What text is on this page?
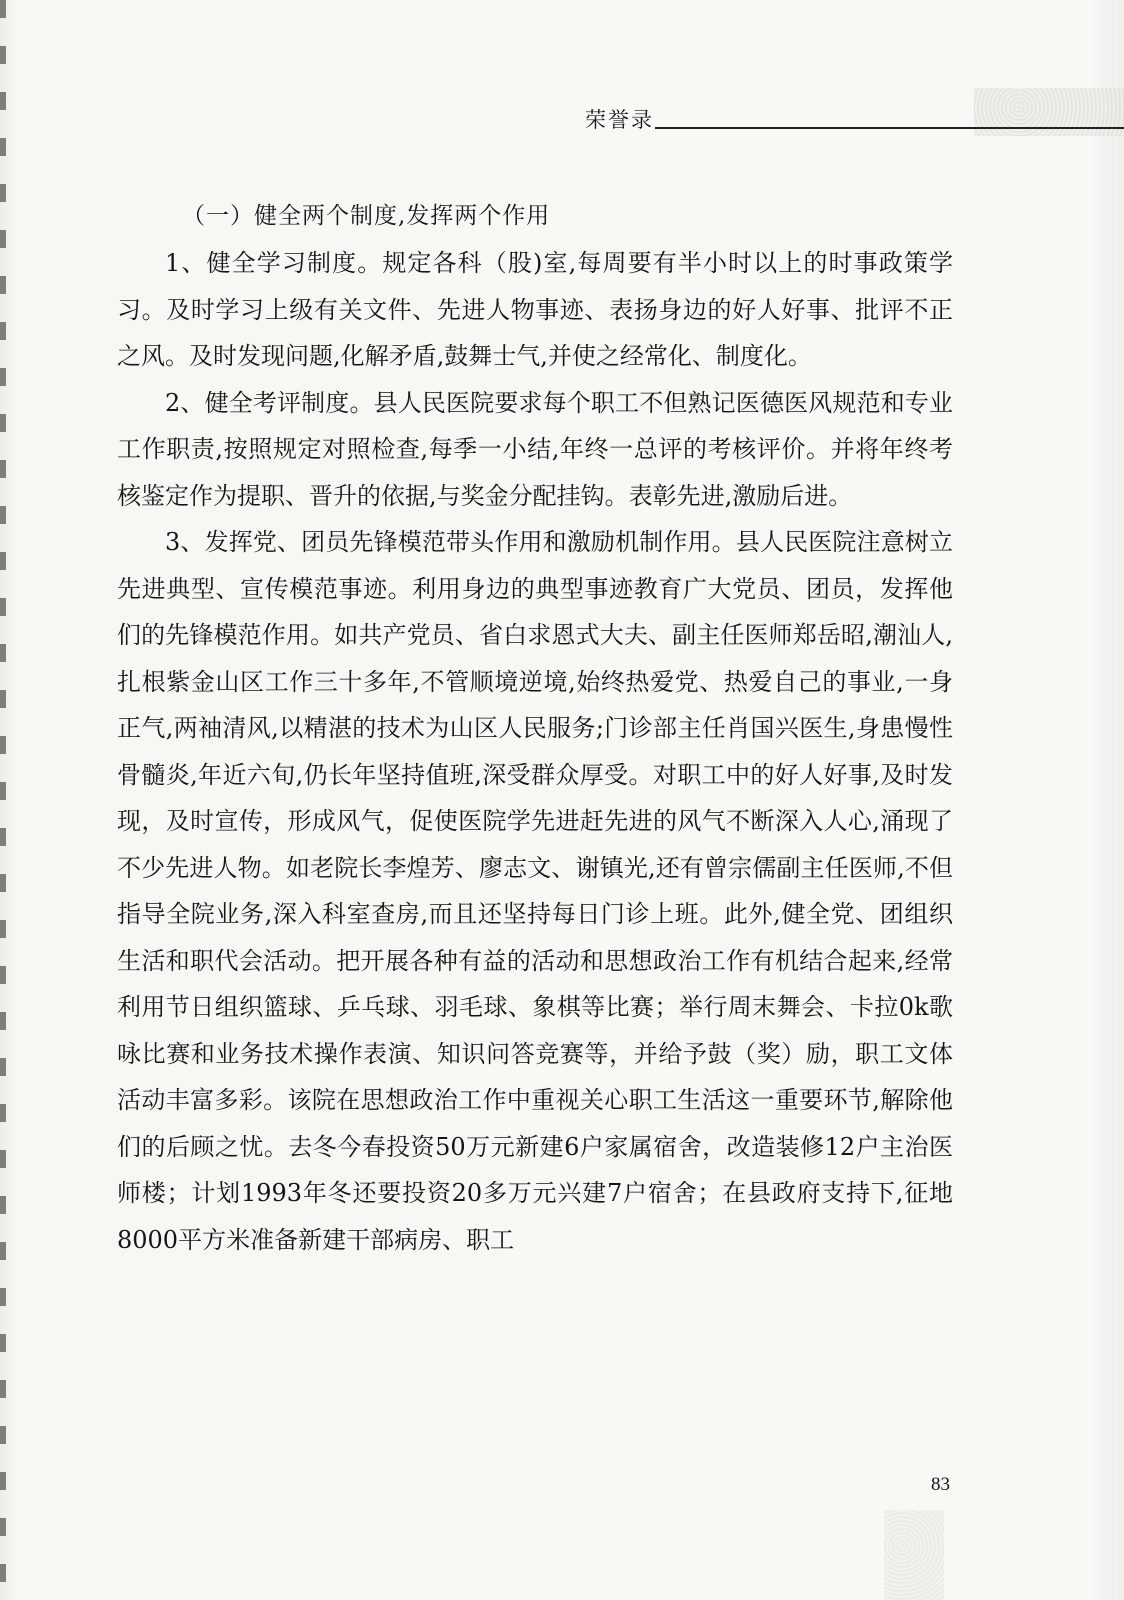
荣誉录

（一）健全两个制度,发挥两个作用

1、健全学习制度。规定各科（股)室,每周要有半小时以上的时事政策学习。及时学习上级有关文件、先进人物事迹、表扬身边的好人好事、批评不正之风。及时发现问题,化解矛盾,鼓舞士气,并使之经常化、制度化。

2、健全考评制度。县人民医院要求每个职工不但熟记医德医风规范和专业工作职责,按照规定对照检查,每季一小结,年终一总评的考核评价。并将年终考核鉴定作为提职、晋升的依据,与奖金分配挂钩。表彰先进,激励后进。

3、发挥党、团员先锋模范带头作用和激励机制作用。县人民医院注意树立先进典型、宣传模范事迹。利用身边的典型事迹教育广大党员、团员，发挥他们的先锋模范作用。如共产党员、省白求恩式大夫、副主任医师郑岳昭,潮汕人,扎根紫金山区工作三十多年,不管顺境逆境,始终热爱党、热爱自己的事业,一身正气,两袖清风,以精湛的技术为山区人民服务;门诊部主任肖国兴医生,身患慢性骨髓炎,年近六旬,仍长年坚持值班,深受群众厚受。对职工中的好人好事,及时发现，及时宣传，形成风气，促使医院学先进赶先进的风气不断深入人心,涌现了不少先进人物。如老院长李煌芳、廖志文、谢镇光,还有曾宗儒副主任医师,不但指导全院业务,深入科室查房,而且还坚持每日门诊上班。此外,健全党、团组织生活和职代会活动。把开展各种有益的活动和思想政治工作有机结合起来,经常利用节日组织篮球、乒乓球、羽毛球、象棋等比赛；举行周末舞会、卡拉0k歌咏比赛和业务技术操作表演、知识问答竞赛等，并给予鼓（奖）励，职工文体活动丰富多彩。该院在思想政治工作中重视关心职工生活这一重要环节,解除他们的后顾之忧。去冬今春投资50万元新建6户家属宿舍，改造装修12户主治医师楼；计划1993年冬还要投资20多万元兴建7户宿舍；在县政府支持下,征地8000平方米准备新建干部病房、职工

83
